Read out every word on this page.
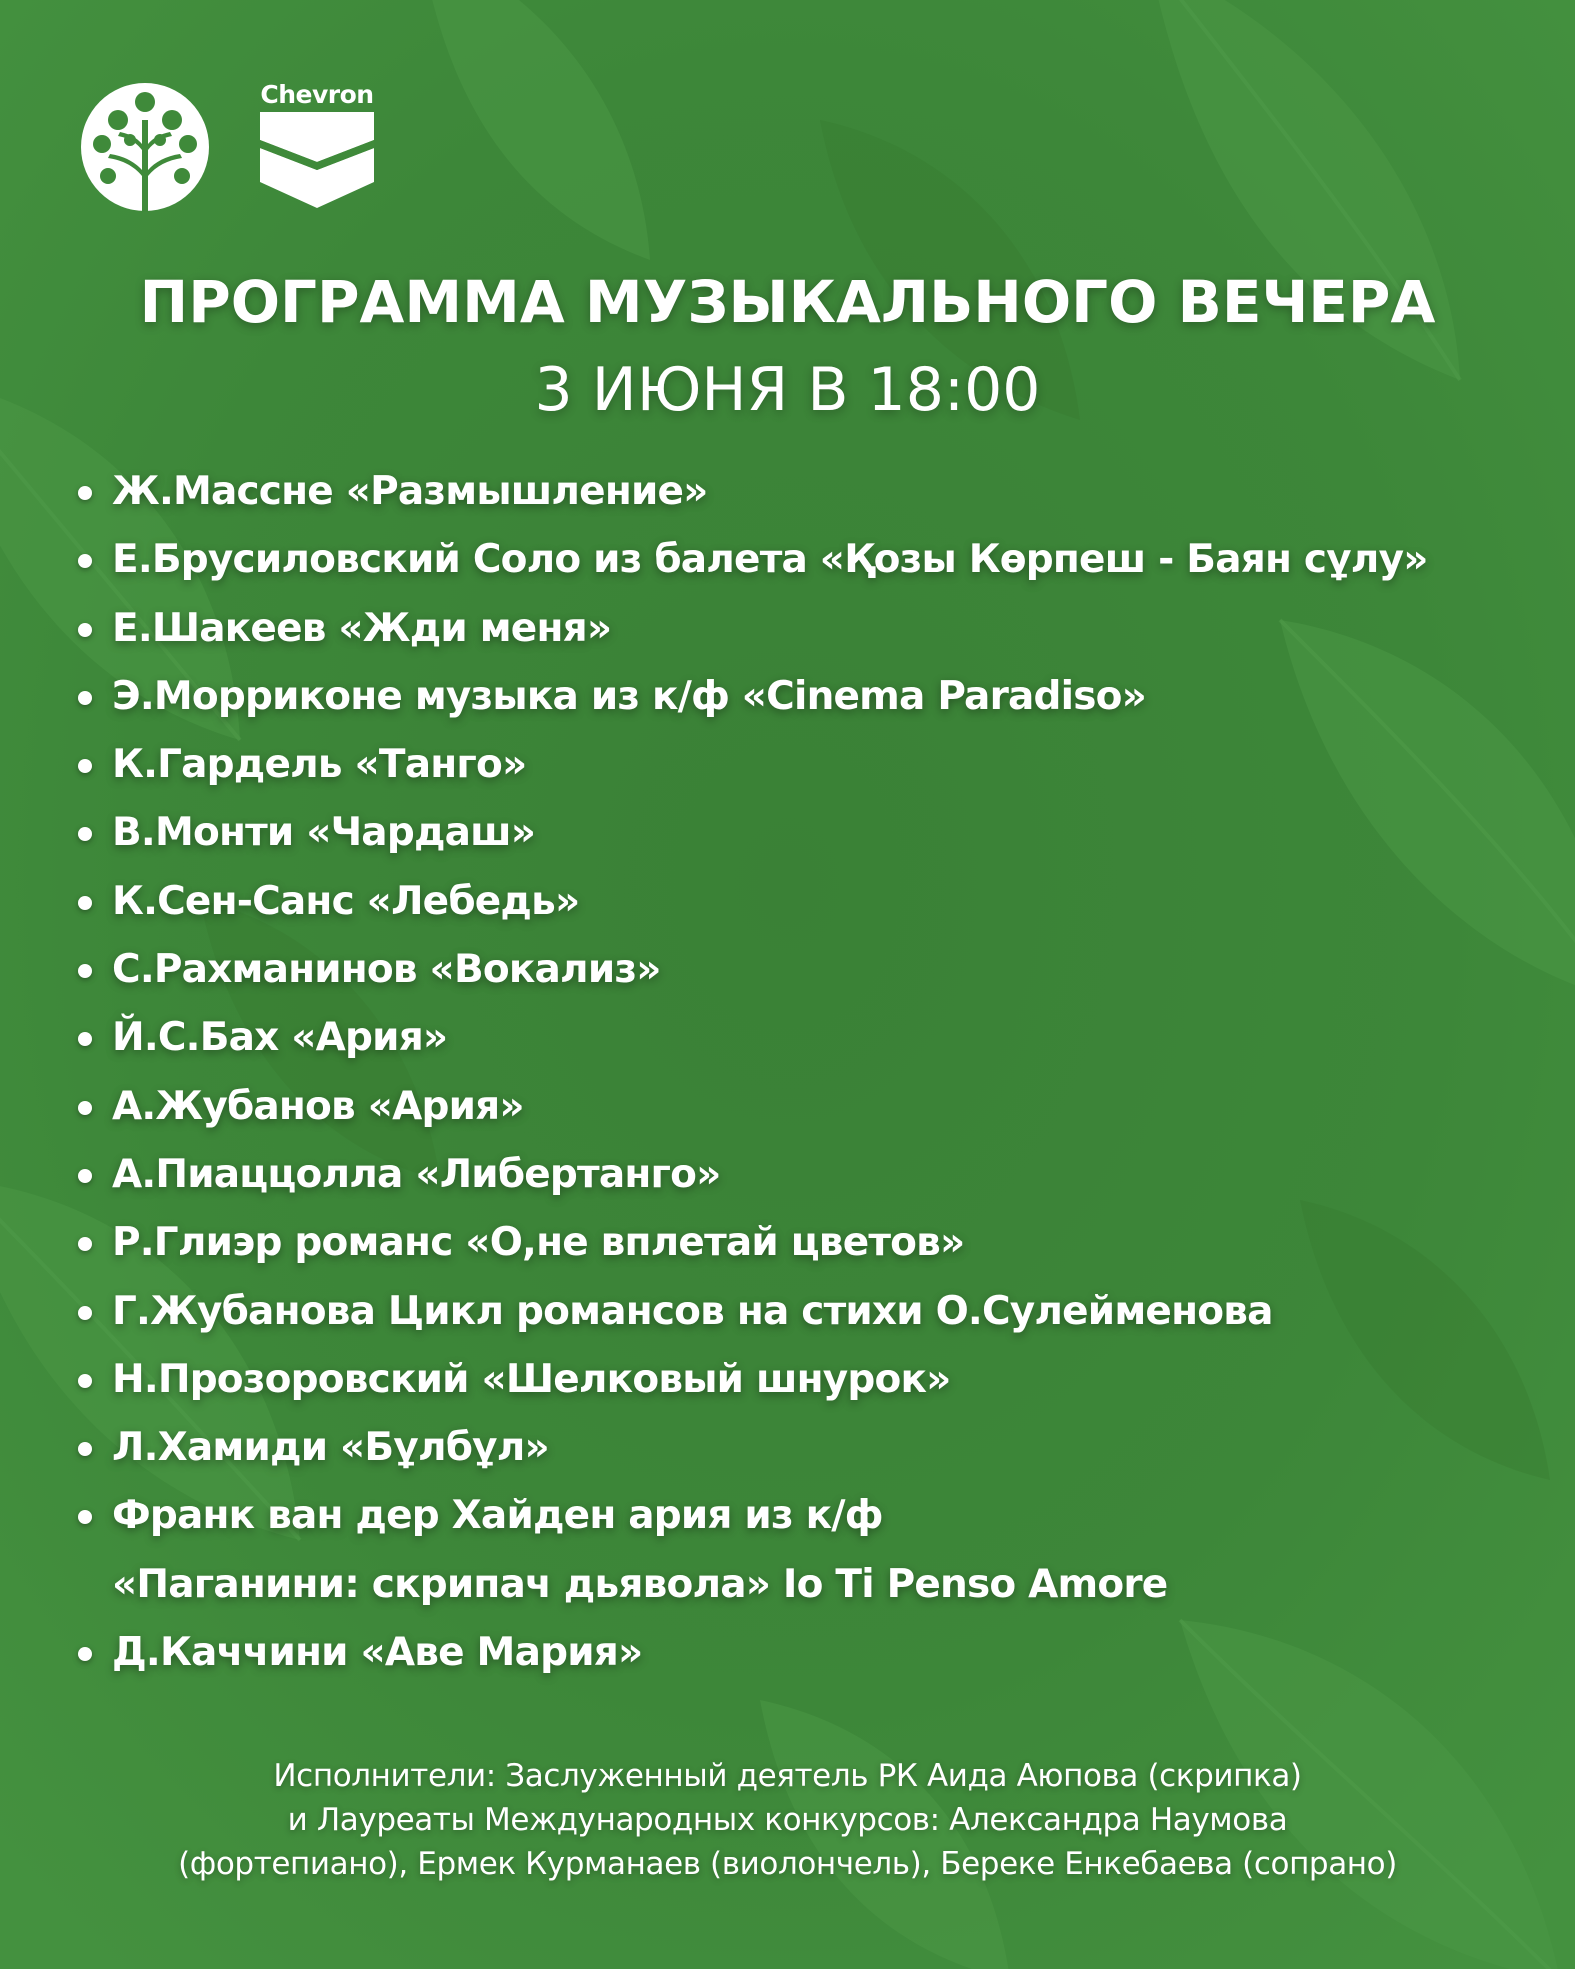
Chevron
ПРОГРАММА МУЗЫКАЛЬНОГО ВЕЧЕРА
3 ИЮНЯ В 18:00
Ж.Массне «Размышление»
Е.Брусиловский Соло из балета «Қозы Көрпеш - Баян сұлу»
Е.Шакеев «Жди меня»
Э.Морриконе музыка из к/ф «Cinema Paradiso»
К.Гардель «Танго»
В.Монти «Чардаш»
К.Сен-Санс «Лебедь»
С.Рахманинов «Вокализ»
Й.С.Бах «Ария»
А.Жубанов «Ария»
А.Пиаццолла «Либертанго»
Р.Глиэр романс «О,не вплетай цветов»
Г.Жубанова Цикл романсов на стихи О.Сулейменова
Н.Прозоровский «Шелковый шнурок»
Л.Хамиди «Бұлбұл»
Франк ван дер Хайден ария из к/ф
«Паганини: скрипач дьявола» Io Ti Penso Amore
Д.Каччини «Аве Мария»
Исполнители: Заслуженный деятель РК Аида Аюпова (скрипка)
и Лауреаты Международных конкурсов: Александра Наумова
(фортепиано), Ермек Курманаев (виолончель), Береке Енкебаева (сопрано)
